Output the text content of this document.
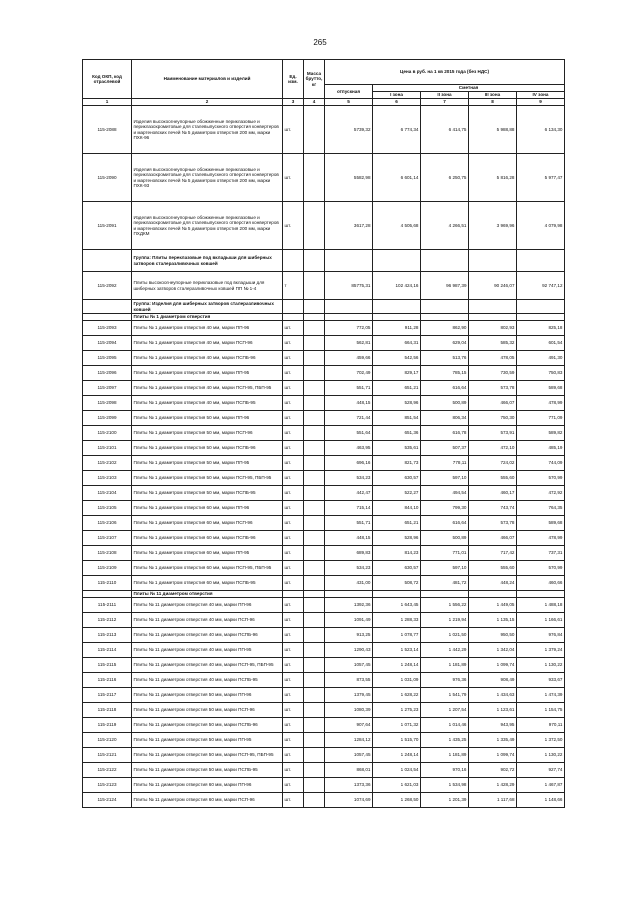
265
Код ОКП, код отраслевой	Наименование материалов и изделий	Ед. изм.	Масса брутто, кг	Цена в руб. на 1 кв 2015 года (без НДС)				
				отпускная	Сметная			
					I зона	II зона	III зона	IV зона
1	2	3	4	5	6	7	8	9
115-2088	Изделия высокоогнеупорные обожженные периклазовые и периклазохромитовые для сталевыпускного отверстия конвертеров и мартеновских печей № 5 диаметром отверстия 200 мм, марки ПХК-96	шт.		5739,32	6 774,34	6 414,75	5 988,88	6 134,30
115-2090	Изделия высокоогнеупорные обожженные периклазовые и периклазохромитовые для сталевыпускного отверстия конвертеров и мартеновских печей № 5 диаметром отверстия 200 мм, марки ПХК-93	шт.		5582,98	6 601,14	6 250,75	5 816,28	5 977,47
115-2091	Изделия высокоогнеупорные обожженные периклазовые и периклазохромитовые для сталевыпускного отверстия конвертеров и мартеновских печей № 5 диаметром отверстия 200 мм, марки ПХДКМ	шт.		3617,28	4 505,68	4 266,51	3 969,96	4 079,98
	Группа: Плиты переклазовые под вкладыши для шиберных затворов сталеразливочных ковшей							
115-2092	Плиты высокоогнеупорные периклазовые под вкладыши для шиберных затворов сталеразливочных ковшей ПП № 1-4	т		85775,31	102 424,16	96 987,39	90 246,07	92 747,12
	Группа: Изделия для шиберных затворов сталеразливочных ковшей							
	Плиты № 1 диаметром отверстия							
115-2093	Плиты № 1 диаметром отверстия 40 мм, марки ПП-96	шт.		772,05	911,28	862,90	802,93	825,18
115-2094	Плиты № 1 диаметром отверстия 40 мм, марки ПСП-96	шт.		562,81	664,31	629,04	585,32	601,54
115-2095	Плиты № 1 диаметром отверстия 40 мм, марки ПСПБ-96	шт.		459,66	542,56	513,76	478,05	491,30
115-2096	Плиты № 1 диаметром отверстия 40 мм, марки ПП-95	шт.		702,49	829,17	785,15	730,59	750,83
115-2097	Плиты № 1 диаметром отверстия 40 мм, марки ПСП-95, ПБП-95	шт.		551,71	651,21	616,64	573,78	589,68
115-2098	Плиты № 1 диаметром отверстия 40 мм, марки ПСПБ-95	шт.		448,15	528,96	500,89	466,07	478,99
115-2099	Плиты № 1 диаметром отверстия 50 мм, марки ПП-96	шт.		721,44	851,54	806,34	750,30	771,09
115-2100	Плиты № 1 диаметром отверстия 50 мм, марки ПСП-96	шт.		551,64	651,36	616,78	573,91	589,82
115-2101	Плиты № 1 диаметром отверстия 50 мм, марки ПСПБ-96	шт.		463,95	535,61	507,37	472,10	485,19
115-2102	Плиты № 1 диаметром отверстия 50 мм, марки ПП-95	шт.		696,16	821,73	778,11	724,02	744,09
115-2103	Плиты № 1 диаметром отверстия 50 мм, марки ПСП-95, ПБП-95	шт.		534,23	630,57	597,10	555,60	570,99
115-2104	Плиты № 1 диаметром отверстия 50 мм, марки ПСПБ-95	шт.		442,47	522,27	494,54	460,17	472,92
115-2105	Плиты № 1 диаметром отверстия 60 мм, марки ПП-96	шт.		715,14	844,10	799,30	743,74	764,35
115-2106	Плиты № 1 диаметром отверстия 60 мм, марки ПСП-96	шт.		551,71	651,21	616,64	573,78	589,68
115-2107	Плиты № 1 диаметром отверстия 60 мм, марки ПСПБ-96	шт.		448,15	528,96	500,89	466,07	478,99
115-2108	Плиты № 1 диаметром отверстия 60 мм, марки ПП-95	шт.		689,83	814,23	771,01	717,42	737,31
115-2109	Плиты № 1 диаметром отверстия 60 мм, марки ПСП-95, ПБП-95	шт.		534,23	630,57	597,10	555,60	570,99
115-2110	Плиты № 1 диаметром отверстия 60 мм, марки ПСПБ-95	шт.		431,00	508,72	481,72	448,24	460,66
	Плиты № 11 диаметром отверстия							
115-2111	Плиты № 11 диаметром отверстия 40 мм, марки ПП-96	шт.		1392,36	1 643,45	1 556,22	1 449,05	1 488,18
115-2112	Плиты № 11 диаметром отверстия 40 мм, марки ПСП-96	шт.		1091,49	1 288,33	1 219,94	1 135,15	1 166,61
115-2113	Плиты № 11 диаметром отверстия 40 мм, марки ПСПБ-96	шт.		913,25	1 078,77	1 021,50	950,50	976,84
115-2114	Плиты № 11 диаметром отверстия 40 мм, марки ПП-95	шт.		1290,43	1 523,14	1 442,29	1 342,04	1 379,24
115-2115	Плиты № 11 диаметром отверстия 40 мм, марки ПСП-95, ПБП-95	шт.		1057,45	1 248,14	1 181,89	1 099,74	1 130,22
115-2116	Плиты № 11 диаметром отверстия 40 мм, марки ПСПБ-95	шт.		873,55	1 031,09	976,36	908,49	933,67
115-2117	Плиты № 11 диаметром отверстия 50 мм, марки ПП-96	шт.		1379,45	1 628,22	1 541,79	1 434,63	1 474,39
115-2118	Плиты № 11 диаметром отверстия 50 мм, марки ПСП-96	шт.		1080,39	1 275,23	1 207,54	1 123,61	1 154,75
115-2119	Плиты № 11 диаметром отверстия 50 мм, марки ПСПБ-96	шт.		907,64	1 071,32	1 014,46	943,95	970,11
115-2120	Плиты № 11 диаметром отверстия 50 мм, марки ПП-95	шт.		1284,12	1 515,70	1 435,25	1 335,49	1 372,50
115-2121	Плиты № 11 диаметром отверстия 50 мм, марки ПСП-95, ПБП-95	шт.		1057,45	1 248,14	1 181,89	1 099,74	1 130,22
115-2122	Плиты № 11 диаметром отверстия 50 мм, марки ПСПБ-95	шт.		868,01	1 024,54	970,16	902,72	927,74
115-2123	Плиты № 11 диаметром отверстия 60 мм, марки ПП-96	шт.		1373,36	1 621,03	1 534,98	1 428,29	1 467,87
115-2124	Плиты № 11 диаметром отверстия 60 мм, марки ПСП-96	шт.		1074,69	1 268,50	1 201,39	1 117,68	1 148,66
